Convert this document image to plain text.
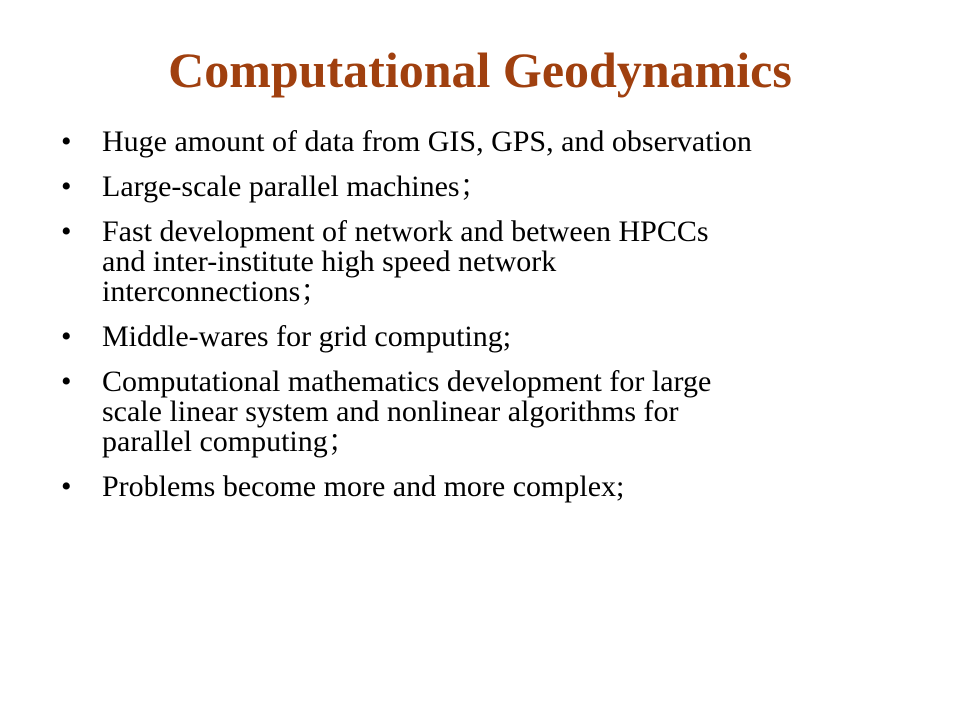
Computational Geodynamics
• Huge amount of data from GIS, GPS, and observation
• Large-scale parallel machines；
• Fast development of network and between HPCCs
and inter-institute high speed network
interconnections；
• Middle-wares for grid computing;
• Computational mathematics development for large
scale linear system and nonlinear algorithms for
parallel computing；
• Problems become more and more complex;
